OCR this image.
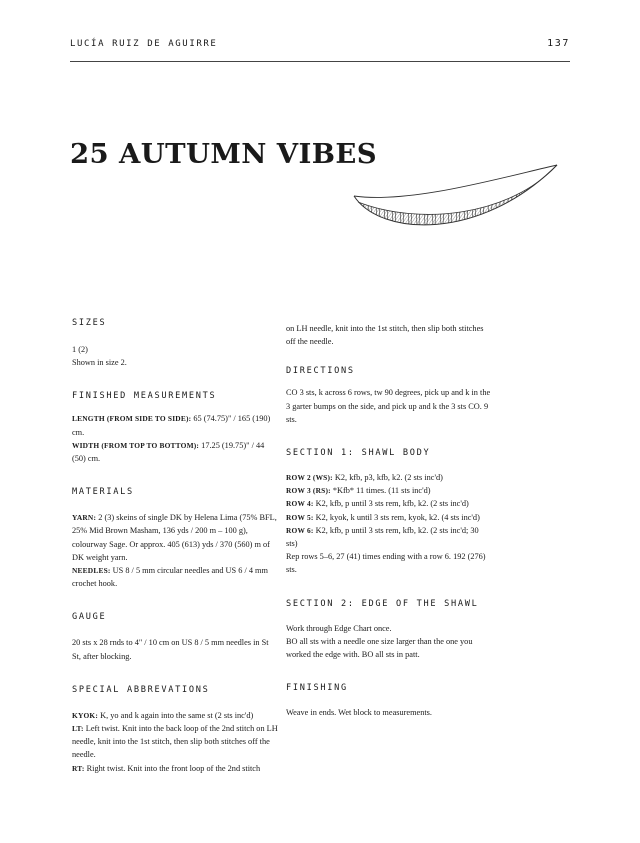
LUCÍA RUIZ DE AGUIRRE	137
25 AUTUMN VIBES

SIZES

1 (2)

Shown in size 2.

FINISHED MEASUREMENTS

LENGTH (FROM SIDE TO SIDE): 65 (74.75)" / 165 (190) cm.

WIDTH (FROM TOP TO BOTTOM): 17.25 (19.75)" / 44 (50) cm.

MATERIALS

YARN: 2 (3) skeins of single DK by Helena Lima (75% BFL, 25% Mid Brown Masham, 136 yds / 200 m – 100 g), colourway Sage. Or approx. 405 (613) yds / 370 (560) m of DK weight yarn.

NEEDLES: US 8 / 5 mm circular needles and US 6 / 4 mm crochet hook.

GAUGE

20 sts x 28 rnds to 4" / 10 cm on US 8 / 5 mm needles in St St, after blocking.

SPECIAL ABBREVATIONS

KYOK: K, yo and k again into the same st (2 sts inc'd)

LT: Left twist. Knit into the back loop of the 2nd stitch on LH needle, knit into the 1st stitch, then slip both stitches off the needle.

RT: Right twist. Knit into the front loop of the 2nd stitch

on LH needle, knit into the 1st stitch, then slip both stitches off the needle.

DIRECTIONS

CO 3 sts, k across 6 rows, tw 90 degrees, pick up and k in the 3 garter bumps on the side, and pick up and k the 3 sts CO. 9 sts.

SECTION 1: SHAWL BODY

ROW 2 (WS): K2, kfb, p3, kfb, k2. (2 sts inc'd)

ROW 3 (RS): *Kfb* 11 times. (11 sts inc'd)

ROW 4: K2, kfb, p until 3 sts rem, kfb, k2. (2 sts inc'd)

ROW 5: K2, kyok, k until 3 sts rem, kyok, k2. (4 sts inc'd)

ROW 6: K2, kfb, p until 3 sts rem, kfb, k2. (2 sts inc'd; 30 sts)

Rep rows 5–6, 27 (41) times ending with a row 6. 192 (276) sts.

SECTION 2: EDGE OF THE SHAWL

Work through Edge Chart once.

BO all sts with a needle one size larger than the one you worked the edge with. BO all sts in patt.

FINISHING

Weave in ends. Wet block to measurements.
